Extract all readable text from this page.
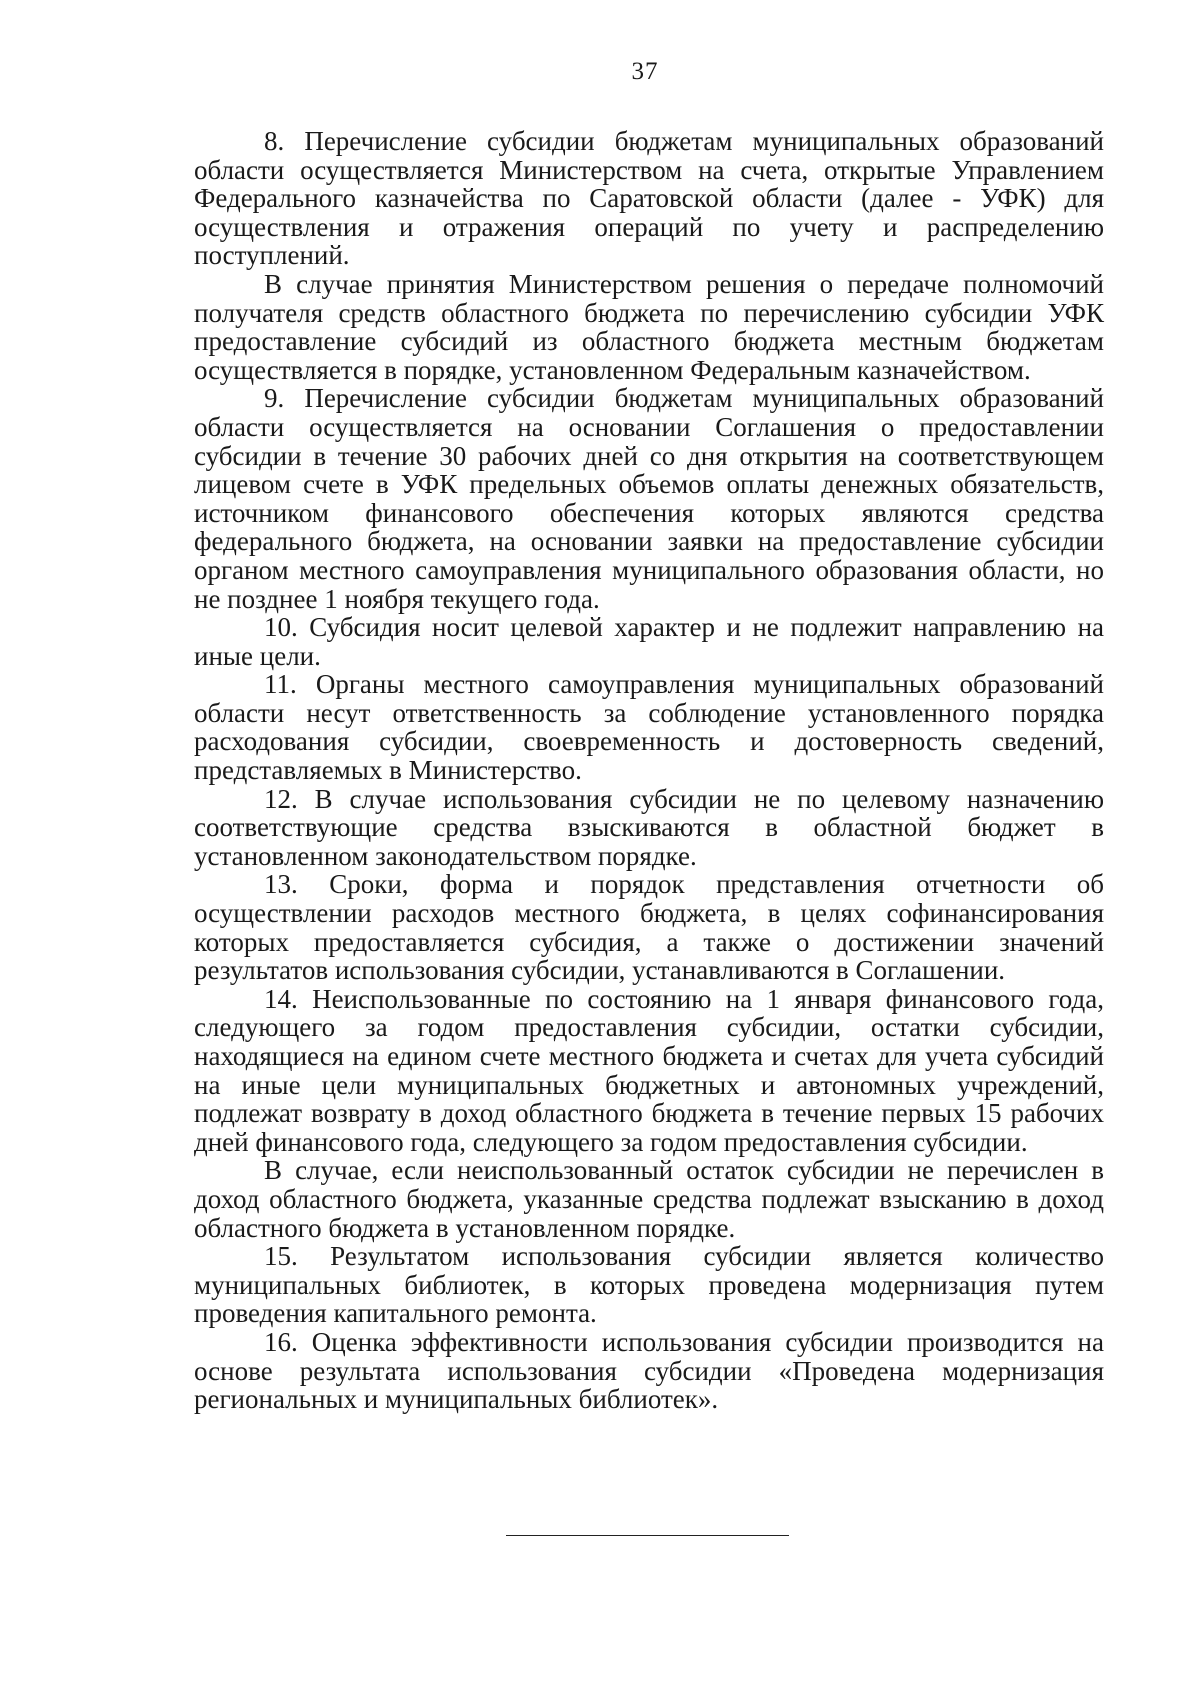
37

8. Перечисление субсидии бюджетам муниципальных образований области осуществляется Министерством на счета, открытые Управлением Федерального казначейства по Саратовской области (далее - УФК) для осуществления и отражения операций по учету и распределению поступлений.

В случае принятия Министерством решения о передаче полномочий получателя средств областного бюджета по перечислению субсидии УФК предоставление субсидий из областного бюджета местным бюджетам осуществляется в порядке, установленном Федеральным казначейством.

9. Перечисление субсидии бюджетам муниципальных образований области осуществляется на основании Соглашения о предоставлении субсидии в течение 30 рабочих дней со дня открытия на соответствующем лицевом счете в УФК предельных объемов оплаты денежных обязательств, источником финансового обеспечения которых являются средства федерального бюджета, на основании заявки на предоставление субсидии органом местного самоуправления муниципального образования области, но не позднее 1 ноября текущего года.

10. Субсидия носит целевой характер и не подлежит направлению на иные цели.

11. Органы местного самоуправления муниципальных образований области несут ответственность за соблюдение установленного порядка расходования субсидии, своевременность и достоверность сведений, представляемых в Министерство.

12. В случае использования субсидии не по целевому назначению соответствующие средства взыскиваются в областной бюджет в установленном законодательством порядке.

13. Сроки, форма и порядок представления отчетности об осуществлении расходов местного бюджета, в целях софинансирования которых предоставляется субсидия, а также о достижении значений результатов использования субсидии, устанавливаются в Соглашении.

14. Неиспользованные по состоянию на 1 января финансового года, следующего за годом предоставления субсидии, остатки субсидии, находящиеся на едином счете местного бюджета и счетах для учета субсидий на иные цели муниципальных бюджетных и автономных учреждений, подлежат возврату в доход областного бюджета в течение первых 15 рабочих дней финансового года, следующего за годом предоставления субсидии.

В случае, если неиспользованный остаток субсидии не перечислен в доход областного бюджета, указанные средства подлежат взысканию в доход областного бюджета в установленном порядке.

15. Результатом использования субсидии является количество муниципальных библиотек, в которых проведена модернизация путем проведения капитального ремонта.

16. Оценка эффективности использования субсидии производится на основе результата использования субсидии «Проведена модернизация региональных и муниципальных библиотек».
